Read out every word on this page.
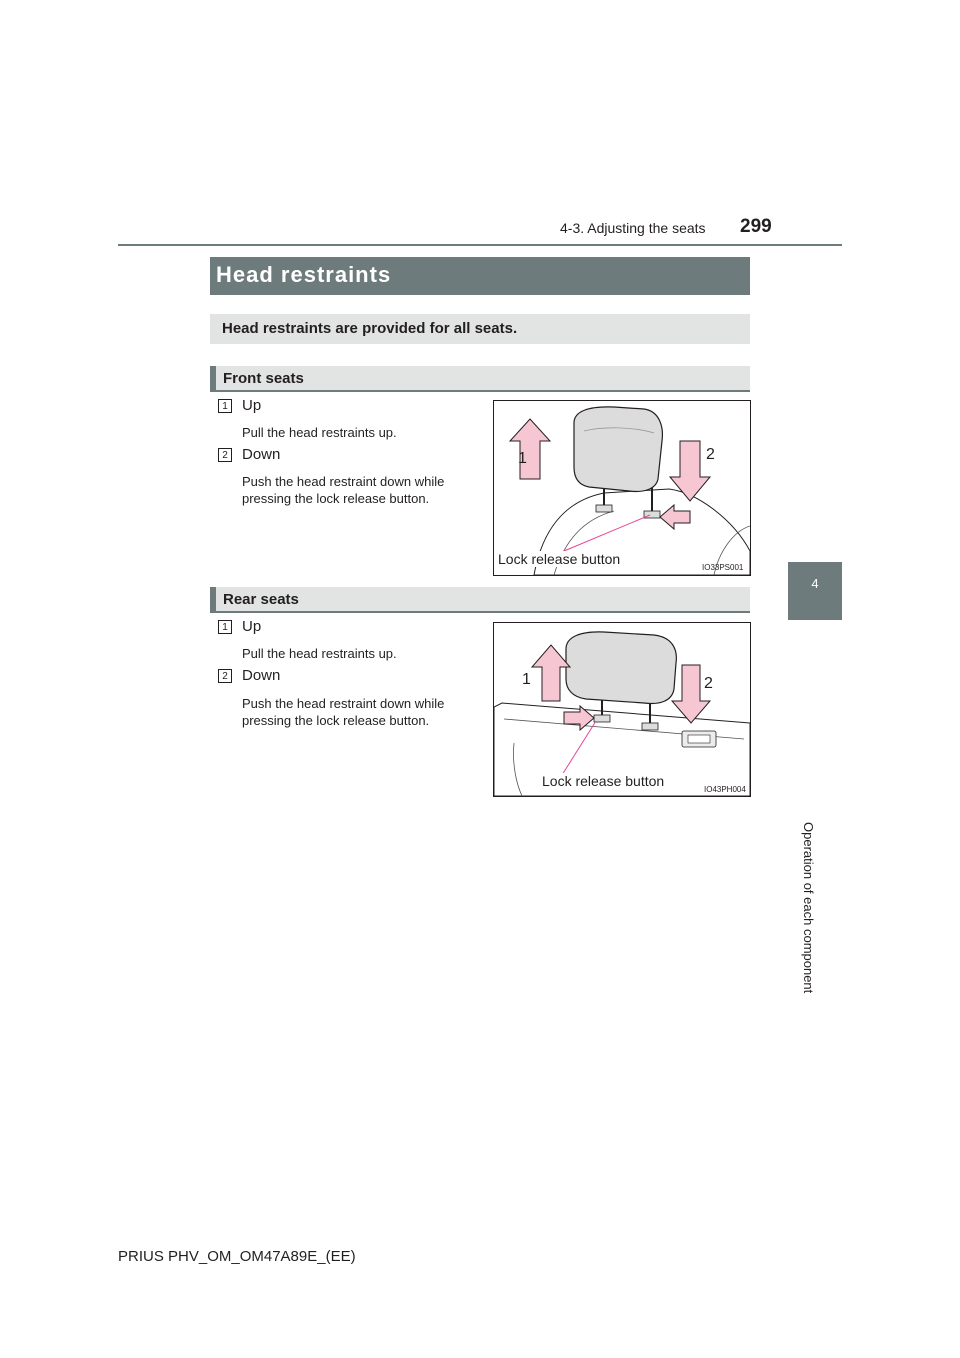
4-3. Adjusting the seats 299
4
Operation of each component
Head restraints
Head restraints are provided for all seats.
Front seats
1 Up
Pull the head restraints up.
2 Down
Push the head restraint down while pressing the lock release button.
1	2
Lock release button
IO33PS001
Rear seats
1 Up
Pull the head restraints up.
2 Down
Push the head restraint down while pressing the lock release button.
1	2
Lock release button
IO43PH004
PRIUS PHV_OM_OM47A89E_(EE)
